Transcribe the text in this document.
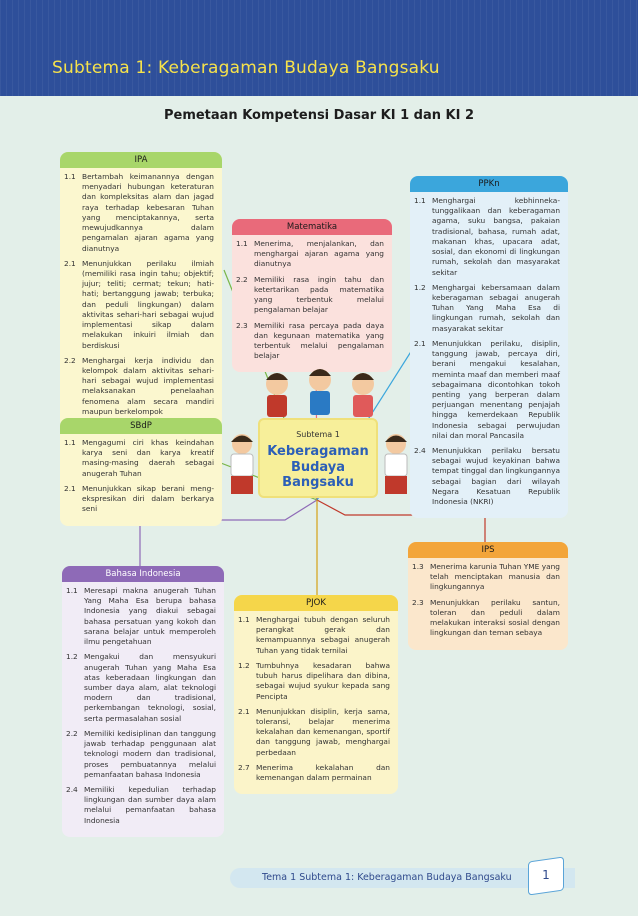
Subtema 1: Keberagaman Budaya Bangsaku
Pemetaan Kompetensi Dasar KI 1 dan KI 2
IPA
1.1 Bertambah keimanannya dengan menyadari hubungan keteraturan dan kompleksitas alam dan jagad raya terhadap kebesaran Tuhan yang menciptakannya, serta mewujudkannya dalam pengamalan ajaran agama yang dianutnya
2.1 Menunjukkan perilaku ilmiah (memiliki rasa ingin tahu; objektif; jujur; teliti; cermat; tekun; hati-hati; bertanggung jawab; terbuka; dan peduli lingkungan) dalam aktivitas sehari-hari sebagai wujud implementasi sikap dalam melakukan inkuiri ilmiah dan berdiskusi
2.2 Menghargai kerja individu dan kelompok dalam aktivitas sehari-hari sebagai wujud implementasi melaksanakan penelaahan fenomena alam secara mandiri maupun berkelompok
Matematika
1.1 Menerima, menjalankan, dan menghargai ajaran agama yang dianutnya
2.2 Memiliki rasa ingin tahu dan ketertarikan pada matematika yang terbentuk melalui pengalaman belajar
2.3 Memiliki rasa percaya pada daya dan kegunaan matematika yang terbentuk melalui pengalaman belajar
PPKn
1.1 Menghargai kebhinneka-tunggalikaan dan keberagaman agama, suku bangsa, pakaian tradisional, bahasa, rumah adat, makanan khas, upacara adat, sosial, dan ekonomi di lingkungan rumah, sekolah dan masyarakat sekitar
1.2 Menghargai kebersamaan dalam keberagaman sebagai anugerah Tuhan Yang Maha Esa di lingkungan rumah, sekolah dan masyarakat sekitar
2.1 Menunjukkan perilaku, disiplin, tanggung jawab, percaya diri, berani mengakui kesalahan, meminta maaf dan memberi maaf sebagaimana dicontohkan tokoh penting yang berperan dalam perjuangan menentang penjajah hingga kemerdekaan Republik Indonesia sebagai perwujudan nilai dan moral Pancasila
2.4 Menunjukkan perilaku bersatu sebagai wujud keyakinan bahwa tempat tinggal dan lingkungannya sebagai bagian dari wilayah Negara Kesatuan Republik Indonesia (NKRI)
SBdP
1.1 Mengagumi ciri khas keindahan karya seni dan karya kreatif masing-masing daerah sebagai anugerah Tuhan
2.1 Menunjukkan sikap berani meng-ekspresikan diri dalam berkarya seni
Subtema 1
Keberagaman Budaya Bangsaku
IPS
1.3 Menerima karunia Tuhan YME yang telah menciptakan manusia dan lingkungannya
2.3 Menunjukkan perilaku santun, toleran dan peduli dalam melakukan interaksi sosial dengan lingkungan dan teman sebaya
Bahasa Indonesia
1.1 Meresapi makna anugerah Tuhan Yang Maha Esa berupa bahasa Indonesia yang diakui sebagai bahasa persatuan yang kokoh dan sarana belajar untuk memperoleh ilmu pengetahuan
1.2 Mengakui dan mensyukuri anugerah Tuhan yang Maha Esa atas keberadaan lingkungan dan sumber daya alam, alat teknologi modern dan tradisional, perkembangan teknologi, sosial, serta permasalahan sosial
2.2 Memiliki kedisiplinan dan tanggung jawab terhadap penggunaan alat teknologi modern dan tradisional, proses pembuatannya melalui pemanfaatan bahasa Indonesia
2.4 Memiliki kepedulian terhadap lingkungan dan sumber daya alam melalui pemanfaatan bahasa Indonesia
PJOK
1.1 Menghargai tubuh dengan seluruh perangkat gerak dan kemampuannya sebagai anugerah Tuhan yang tidak ternilai
1.2 Tumbuhnya kesadaran bahwa tubuh harus dipelihara dan dibina, sebagai wujud syukur kepada sang Pencipta
2.1 Menunjukkan disiplin, kerja sama, toleransi, belajar menerima kekalahan dan kemenangan, sportif dan tanggung jawab, menghargai perbedaan
2.7 Menerima kekalahan dan kemenangan dalam permainan
Tema 1 Subtema 1: Keberagaman Budaya Bangsaku	1
